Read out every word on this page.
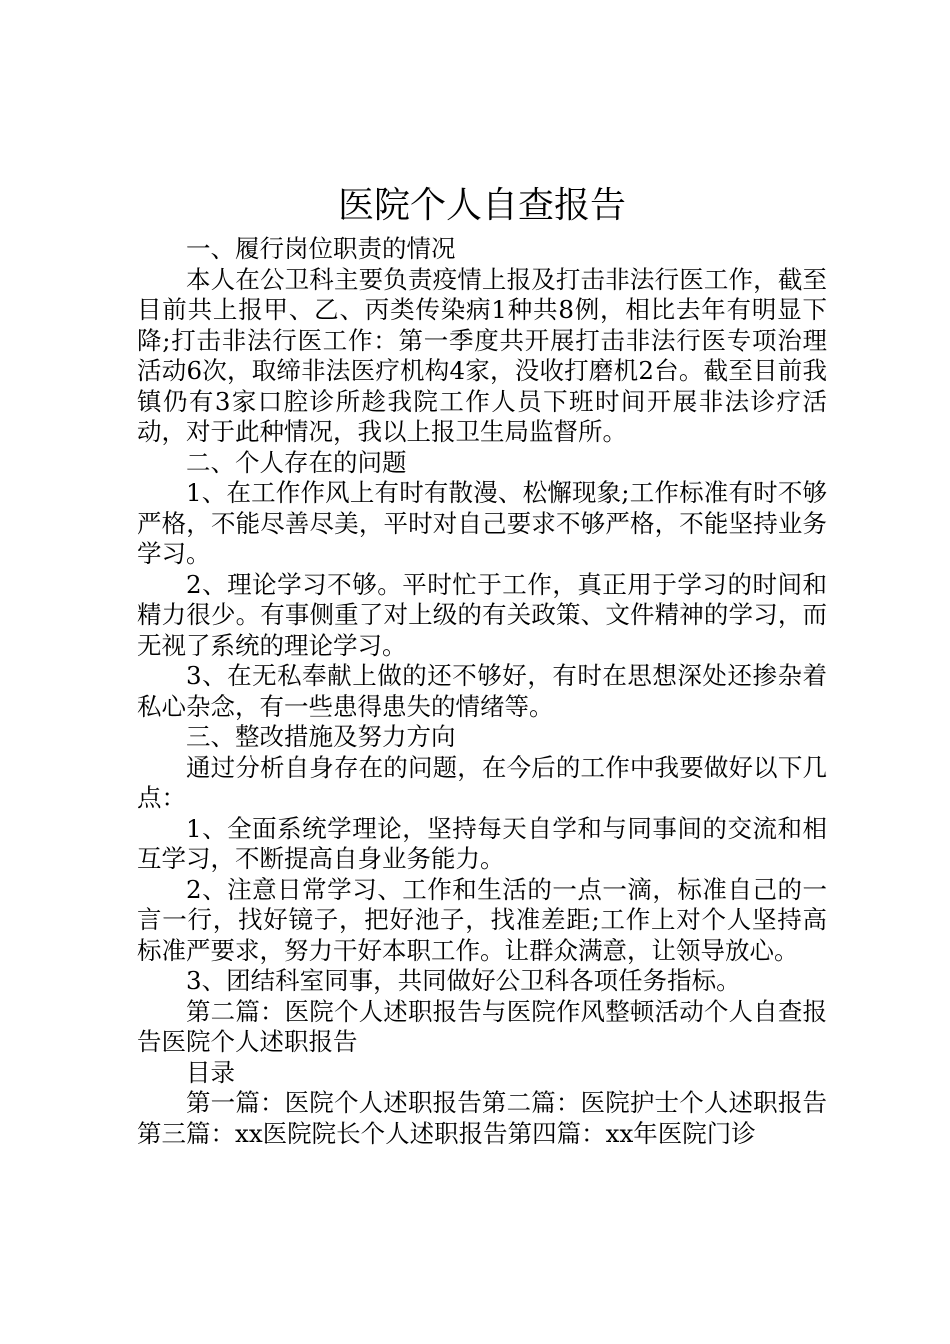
医院个人自查报告

一、履行岗位职责的情况

本人在公卫科主要负责疫情上报及打击非法行医工作，截至目前共上报甲、乙、丙类传染病1种共8例，相比去年有明显下降;打击非法行医工作：第一季度共开展打击非法行医专项治理活动6次，取缔非法医疗机构4家，没收打磨机2台。截至目前我镇仍有3家口腔诊所趁我院工作人员下班时间开展非法诊疗活动，对于此种情况，我以上报卫生局监督所。

二、个人存在的问题

1、在工作作风上有时有散漫、松懈现象;工作标准有时不够严格，不能尽善尽美，平时对自己要求不够严格，不能坚持业务学习。

2、理论学习不够。平时忙于工作，真正用于学习的时间和精力很少。有事侧重了对上级的有关政策、文件精神的学习，而无视了系统的理论学习。

3、在无私奉献上做的还不够好，有时在思想深处还掺杂着私心杂念，有一些患得患失的情绪等。

三、整改措施及努力方向

通过分析自身存在的问题，在今后的工作中我要做好以下几点：

1、全面系统学理论，坚持每天自学和与同事间的交流和相互学习，不断提高自身业务能力。

2、注意日常学习、工作和生活的一点一滴，标准自己的一言一行，找好镜子，把好池子，找准差距;工作上对个人坚持高标准严要求，努力干好本职工作。让群众满意，让领导放心。

3、团结科室同事，共同做好公卫科各项任务指标。

第二篇：医院个人述职报告与医院作风整顿活动个人自查报告医院个人述职报告

目录

第一篇：医院个人述职报告第二篇：医院护士个人述职报告第三篇：xx医院院长个人述职报告第四篇：xx年医院门诊
